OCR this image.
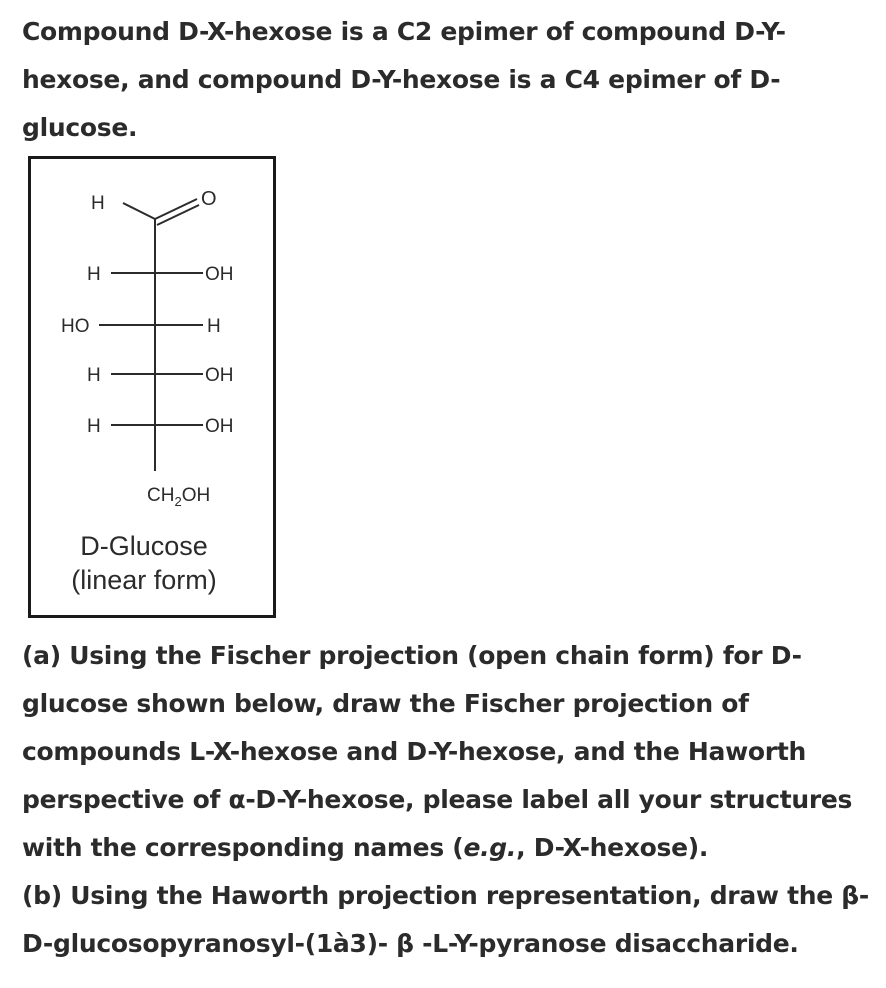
Compound D-X-hexose is a C2 epimer of compound D-Y-hexose, and compound D-Y-hexose is a C4 epimer of D-glucose.

H	O
H	OH
HO	H
H	OH
H	OH
$CH_2OH$
D-Glucose
(linear form)

(a) Using the Fischer projection (open chain form) for D-glucose shown below, draw the Fischer projection of compounds L-X-hexose and D-Y-hexose, and the Haworth perspective of α-D-Y-hexose, please label all your structures with the corresponding names (e.g., D-X-hexose).

(b) Using the Haworth projection representation, draw the β-D-glucosopyranosyl-(1à3)- β -L-Y-pyranose disaccharide.
